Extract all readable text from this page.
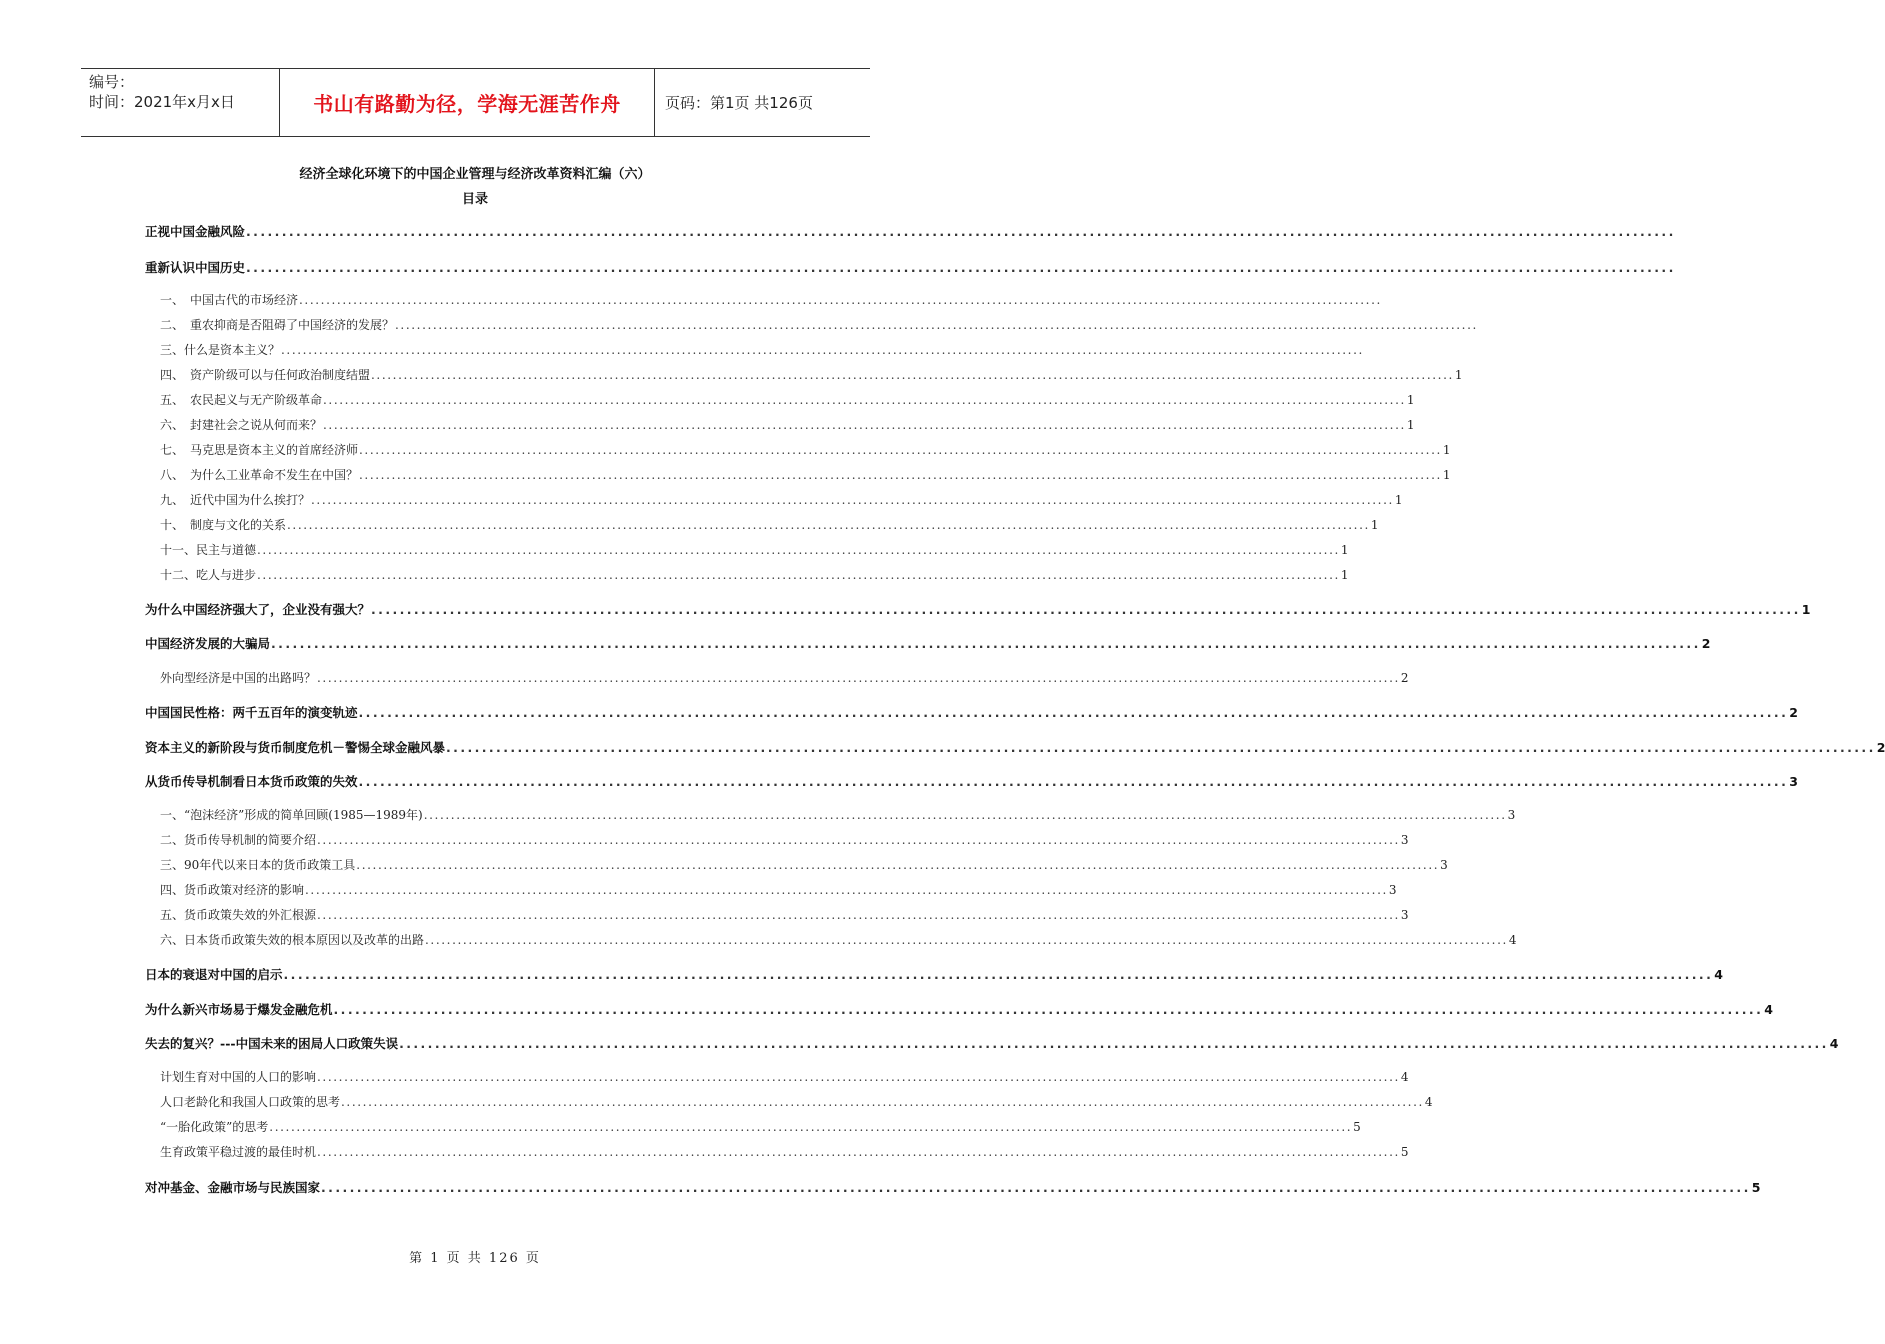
编号：
时间：2021年x月x日	书山有路勤为径，学海无涯苦作舟	页码：第1页 共126页
经济全球化环境下的中国企业管理与经济改革资料汇编（六）
目录
正视中国金融风险 ........................................................................................................................................................................................................
重新认识中国历史 ........................................................................................................................................................................................................
一、　中国古代的市场经济 ........................................................................................................................................................................................................
二、　重农抑商是否阻碍了中国经济的发展？ ........................................................................................................................................................................................................
三、什么是资本主义？ ........................................................................................................................................................................................................
四、　资产阶级可以与任何政治制度结盟 ........................................................................................................................................................................................................ 1
五、　农民起义与无产阶级革命 ........................................................................................................................................................................................................ 1
六、　封建社会之说从何而来？ ........................................................................................................................................................................................................ 1
七、　马克思是资本主义的首席经济师 ........................................................................................................................................................................................................ 1
八、　为什么工业革命不发生在中国？ ........................................................................................................................................................................................................ 1
九、　近代中国为什么挨打？ ........................................................................................................................................................................................................ 1
十、　制度与文化的关系 ........................................................................................................................................................................................................ 1
十一、民主与道德 ........................................................................................................................................................................................................ 1
十二、吃人与进步 ........................................................................................................................................................................................................ 1
为什么中国经济强大了，企业没有强大？ ........................................................................................................................................................................................................ 1
中国经济发展的大骗局 ........................................................................................................................................................................................................ 2
外向型经济是中国的出路吗？ ........................................................................................................................................................................................................ 2
中国国民性格：两千五百年的演变轨迹 ........................................................................................................................................................................................................ 2
资本主义的新阶段与货币制度危机－警惕全球金融风暴 ........................................................................................................................................................................................................ 2
从货币传导机制看日本货币政策的失效 ........................................................................................................................................................................................................ 3
一、“泡沫经济”形成的简单回顾(1985—1989年) ........................................................................................................................................................................................................ 3
二、货币传导机制的简要介绍 ........................................................................................................................................................................................................ 3
三、90年代以来日本的货币政策工具 ........................................................................................................................................................................................................ 3
四、货币政策对经济的影响 ........................................................................................................................................................................................................ 3
五、货币政策失效的外汇根源 ........................................................................................................................................................................................................ 3
六、日本货币政策失效的根本原因以及改革的出路 ........................................................................................................................................................................................................ 4
日本的衰退对中国的启示 ........................................................................................................................................................................................................ 4
为什么新兴市场易于爆发金融危机 ........................................................................................................................................................................................................ 4
失去的复兴？---中国未来的困局人口政策失误 ........................................................................................................................................................................................................ 4
计划生育对中国的人口的影响 ........................................................................................................................................................................................................ 4
人口老龄化和我国人口政策的思考 ........................................................................................................................................................................................................ 4
“一胎化政策”的思考 ........................................................................................................................................................................................................ 5
生育政策平稳过渡的最佳时机 ........................................................................................................................................................................................................ 5
对冲基金、金融市场与民族国家 ........................................................................................................................................................................................................ 5
第 1 页 共 126 页
